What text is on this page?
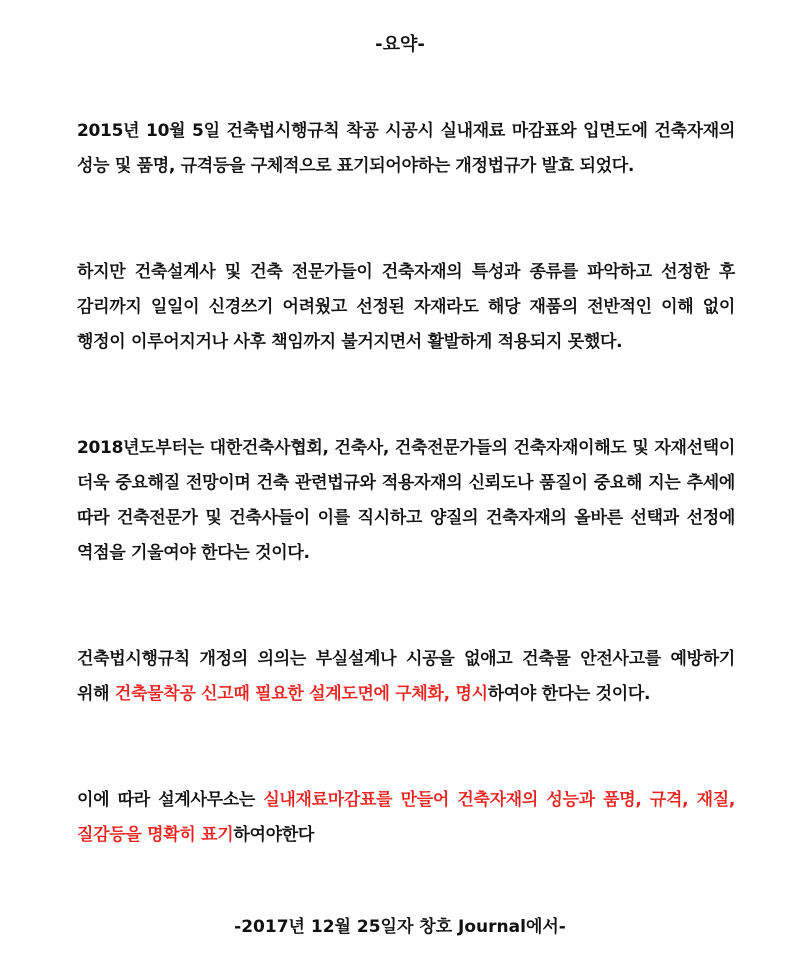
-요약-

2015년 10월 5일 건축법시행규칙 착공 시공시 실내재료 마감표와 입면도에 건축자재의 성능 및 품명, 규격등을 구체적으로 표기되어야하는 개정법규가 발효 되었다.

하지만 건축설계사 및 건축 전문가들이 건축자재의 특성과 종류를 파악하고 선정한 후 감리까지 일일이 신경쓰기 어려웠고 선정된 자재라도 해당 재품의 전반적인 이해 없이 행정이 이루어지거나 사후 책임까지 불거지면서 활발하게 적용되지 못했다.

2018년도부터는 대한건축사협회, 건축사, 건축전문가들의 건축자재이해도 및 자재선택이 더욱 중요해질 전망이며 건축 관련법규와 적용자재의 신뢰도나 품질이 중요해 지는 추세에 따라 건축전문가 및 건축사들이 이를 직시하고 양질의 건축자재의 올바른 선택과 선정에 역점을 기울여야 한다는 것이다.

건축법시행규칙 개정의 의의는 부실설계나 시공을 없애고 건축물 안전사고를 예방하기 위해 건축물착공 신고때 필요한 설계도면에 구체화, 명시하여야 한다는 것이다.

이에 따라 설계사무소는 실내재료마감표를 만들어 건축자재의 성능과 품명, 규격, 재질, 질감등을 명확히 표기하여야한다

-2017년 12월 25일자 창호 Journal에서-
